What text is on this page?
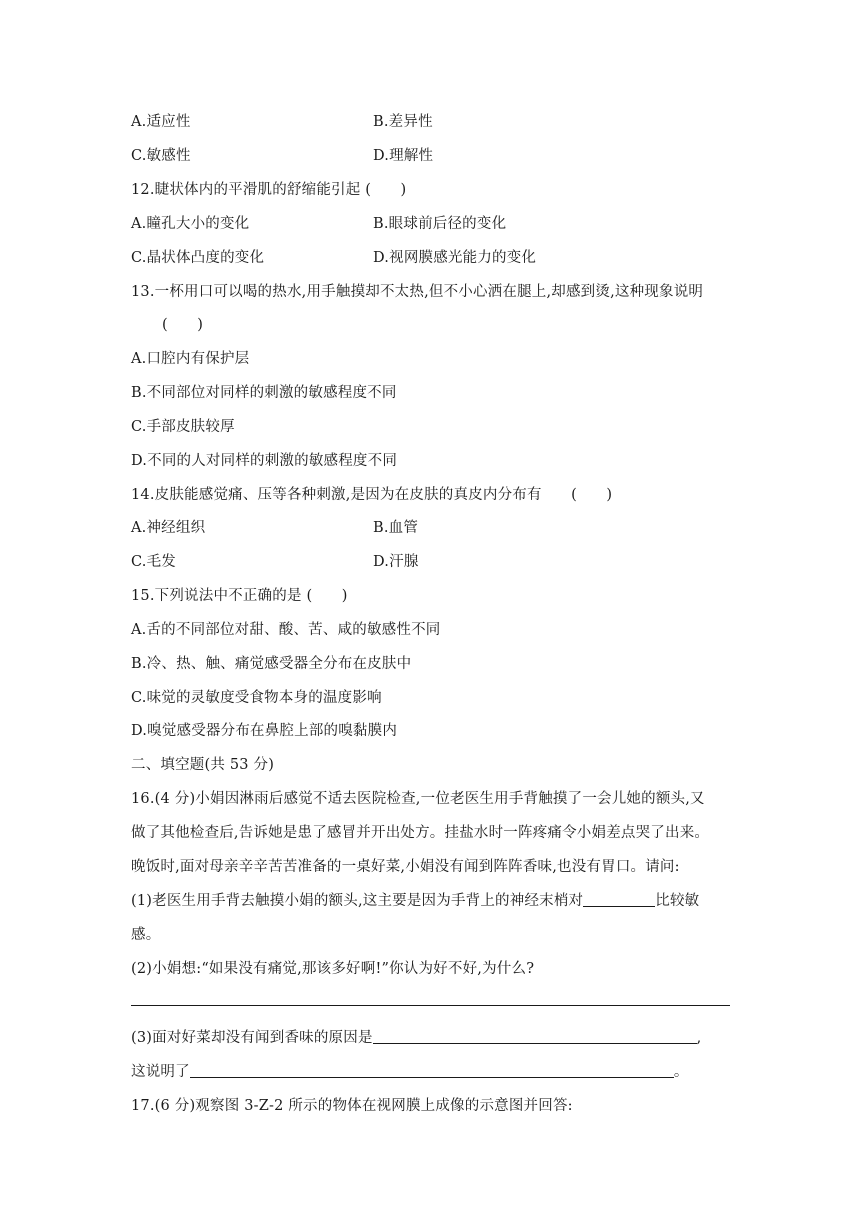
A.适应性	B.差异性
C.敏感性	D.理解性
12.睫状体内的平滑肌的舒缩能引起 (　　)
A.瞳孔大小的变化	B.眼球前后径的变化
C.晶状体凸度的变化	D.视网膜感光能力的变化
13.一杯用口可以喝的热水,用手触摸却不太热,但不小心洒在腿上,却感到烫,这种现象说明
(　　)
A.口腔内有保护层
B.不同部位对同样的刺激的敏感程度不同
C.手部皮肤较厚
D.不同的人对同样的刺激的敏感程度不同
14.皮肤能感觉痛、压等各种刺激,是因为在皮肤的真皮内分布有　　(　　)
A.神经组织	B.血管
C.毛发	D.汗腺
15.下列说法中不正确的是 (　　)
A.舌的不同部位对甜、酸、苦、咸的敏感性不同
B.冷、热、触、痛觉感受器全分布在皮肤中
C.味觉的灵敏度受食物本身的温度影响
D.嗅觉感受器分布在鼻腔上部的嗅黏膜内
二、填空题(共 53 分)
16.(4 分)小娟因淋雨后感觉不适去医院检查,一位老医生用手背触摸了一会儿她的额头,又
做了其他检查后,告诉她是患了感冒并开出处方。挂盐水时一阵疼痛令小娟差点哭了出来。
晚饭时,面对母亲辛辛苦苦准备的一桌好菜,小娟没有闻到阵阵香味,也没有胃口。请问:
(1)老医生用手背去触摸小娟的额头,这主要是因为手背上的神经末梢对	比较敏
感。
(2)小娟想:“如果没有痛觉,那该多好啊!”你认为好不好,为什么?
(3)面对好菜却没有闻到香味的原因是	,
这说明了	。
17.(6 分)观察图 3-Z-2 所示的物体在视网膜上成像的示意图并回答:
